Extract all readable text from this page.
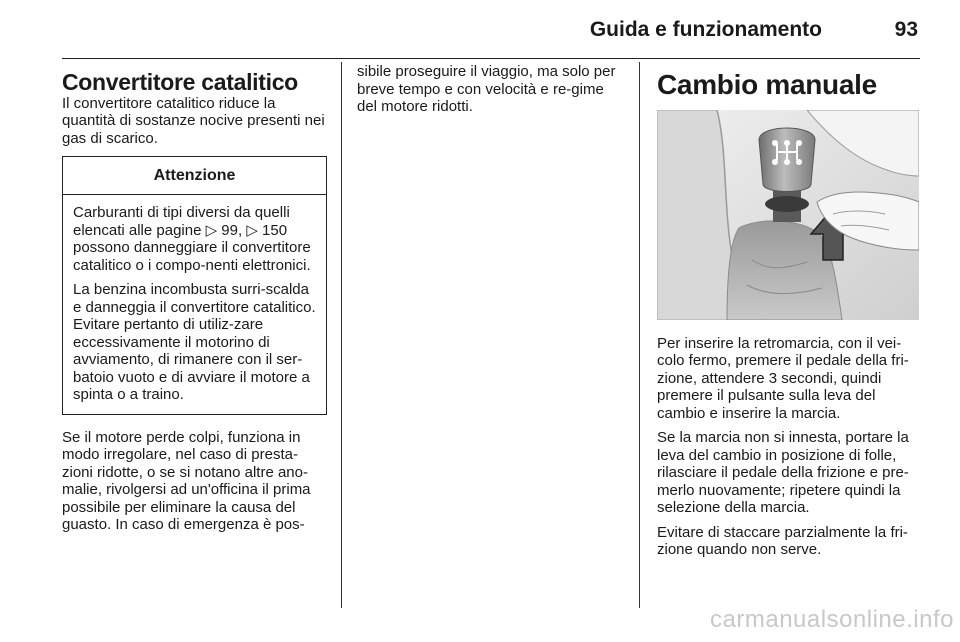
Guida e funzionamento	93
Convertitore catalitico

Il convertitore catalitico riduce la quantità di sostanze nocive presenti nei gas di scarico.

Attenzione

Carburanti di tipi diversi da quelli elencati alle pagine ▷ 99, ▷ 150 possono danneggiare il convertitore catalitico o i compo-nenti elettronici.

La benzina incombusta surri-scalda e danneggia il convertitore catalitico. Evitare pertanto di utiliz-zare eccessivamente il motorino di avviamento, di rimanere con il ser-batoio vuoto e di avviare il motore a spinta o a traino.

Se il motore perde colpi, funziona in modo irregolare, nel caso di presta-zioni ridotte, o se si notano altre ano-malie, rivolgersi ad un'officina il prima possibile per eliminare la causa del guasto. In caso di emergenza è pos-

sibile proseguire il viaggio, ma solo per breve tempo e con velocità e re-gime del motore ridotti.

Cambio manuale

Per inserire la retromarcia, con il vei-colo fermo, premere il pedale della fri-zione, attendere 3 secondi, quindi premere il pulsante sulla leva del cambio e inserire la marcia.

Se la marcia non si innesta, portare la leva del cambio in posizione di folle, rilasciare il pedale della frizione e pre-merlo nuovamente; ripetere quindi la selezione della marcia.

Evitare di staccare parzialmente la fri-zione quando non serve.

carmanualsonline.info
